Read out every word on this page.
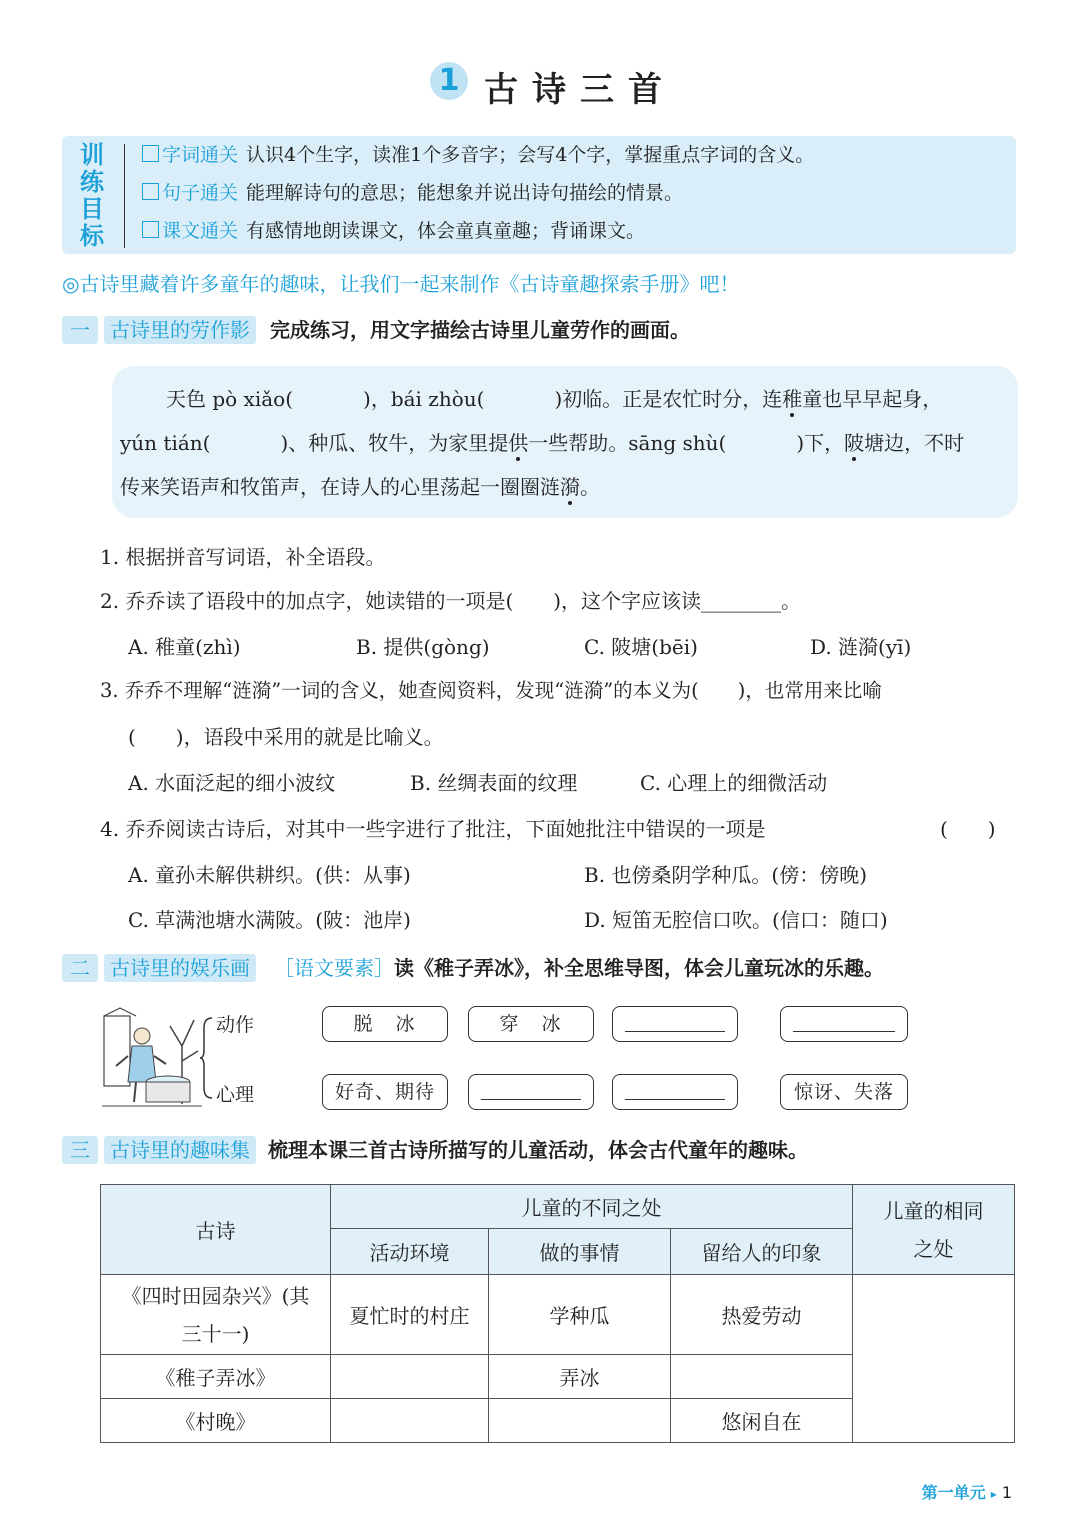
1 古诗三首
训练目标
字词通关 认识4个生字，读准1个多音字；会写4个字，掌握重点字词的含义。
句子通关 能理解诗句的意思；能想象并说出诗句描绘的情景。
课文通关 有感情地朗读课文，体会童真童趣；背诵课文。
◎古诗里藏着许多童年的趣味，让我们一起来制作《古诗童趣探索手册》吧！
一	古诗里的劳作影	完成练习，用文字描绘古诗里儿童劳作的画面。
天色 pò xiǎo(	)，bái zhòu(	)初临。正是农忙时分，连稚童也早早起身，
yún tián(	)、种瓜、牧牛，为家里提供一些帮助。sāng shù(	)下，陂塘边，不时
传来笑语声和牧笛声，在诗人的心里荡起一圈圈涟漪。
1. 根据拼音写词语，补全语段。
2. 乔乔读了语段中的加点字，她读错的一项是(　　)，这个字应该读________。
A. 稚童(zhì)	B. 提供(gòng)	C. 陂塘(bēi)	D. 涟漪(yī)
3. 乔乔不理解“涟漪”一词的含义，她查阅资料，发现“涟漪”的本义为(　　)，也常用来比喻
(　　)，语段中采用的就是比喻义。
A. 水面泛起的细小波纹	B. 丝绸表面的纹理	C. 心理上的细微活动
4. 乔乔阅读古诗后，对其中一些字进行了批注，下面她批注中错误的一项是	(　　)
A. 童孙未解供耕织。(供：从事)	B. 也傍桑阴学种瓜。(傍：傍晚)
C. 草满池塘水满陂。(陂：池岸)	D. 短笛无腔信口吹。(信口：随口)
二	古诗里的娱乐画	［语文要素］读《稚子弄冰》，补全思维导图，体会儿童玩冰的乐趣。
动作
心理
脱　冰	穿　冰
好奇、期待	惊讶、失落
三	古诗里的趣味集 梳理本课三首古诗所描写的儿童活动，体会古代童年的趣味。
古诗	儿童的不同之处			儿童的相同之处
	活动环境	做的事情	留给人的印象	
《四时田园杂兴》(其三十一)	夏忙时的村庄	学种瓜	热爱劳动	
《稚子弄冰》		弄冰		
《村晚》			悠闲自在	
第一单元 ▸ 1
